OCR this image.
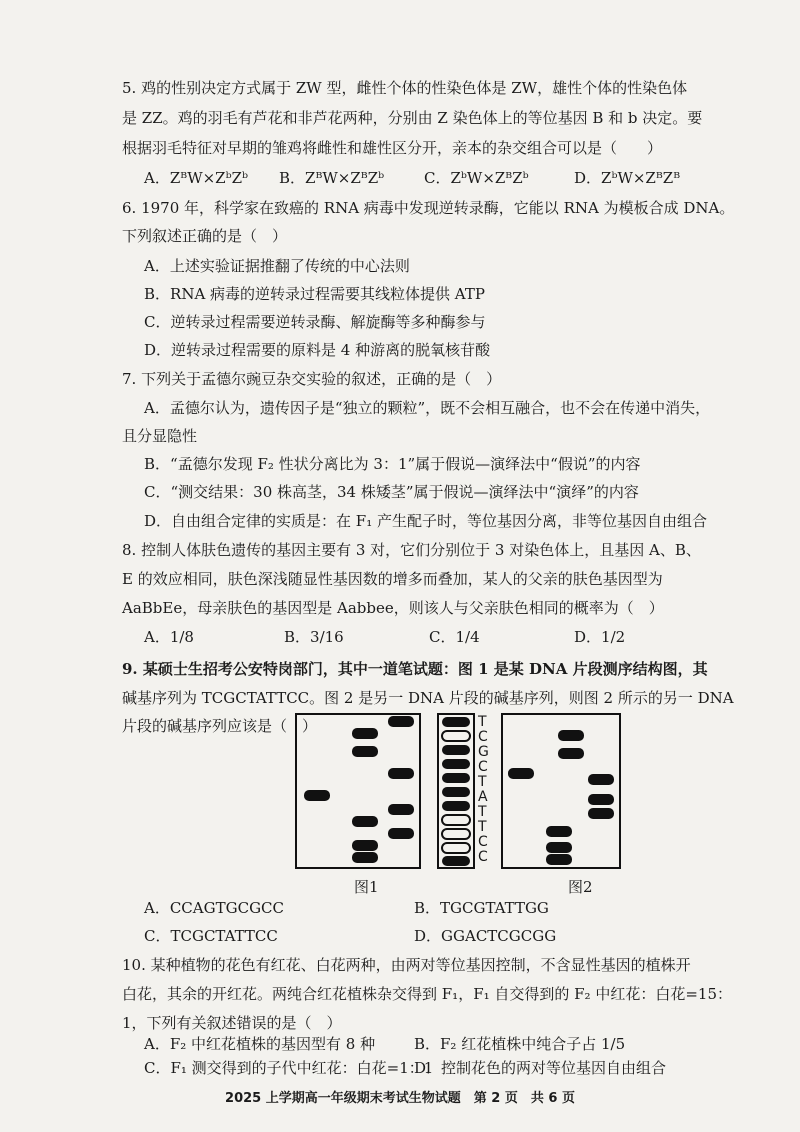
5. 鸡的性别决定方式属于 ZW 型，雌性个体的性染色体是 ZW，雄性个体的性染色体
是 ZZ。鸡的羽毛有芦花和非芦花两种，分别由 Z 染色体上的等位基因 B 和 b 决定。要
根据羽毛特征对早期的雏鸡将雌性和雄性区分开，亲本的杂交组合可以是（　　）
A．ZᴮW×ZᵇZᵇ B．ZᴮW×ZᴮZᵇ	C．ZᵇW×ZᴮZᵇ	D．ZᵇW×ZᴮZᴮ
6. 1970 年，科学家在致癌的 RNA 病毒中发现逆转录酶，它能以 RNA 为模板合成 DNA。
下列叙述正确的是（　）
A．上述实验证据推翻了传统的中心法则
B．RNA 病毒的逆转录过程需要其线粒体提供 ATP
C．逆转录过程需要逆转录酶、解旋酶等多种酶参与
D．逆转录过程需要的原料是 4 种游离的脱氧核苷酸
7. 下列关于孟德尔豌豆杂交实验的叙述，正确的是（　）
A．孟德尔认为，遗传因子是“独立的颗粒”，既不会相互融合，也不会在传递中消失，
且分显隐性
B．“孟德尔发现 F₂ 性状分离比为 3：1”属于假说—演绎法中“假说”的内容
C．“测交结果：30 株高茎，34 株矮茎”属于假说—演绎法中“演绎”的内容
D．自由组合定律的实质是：在 F₁ 产生配子时，等位基因分离，非等位基因自由组合
8. 控制人体肤色遗传的基因主要有 3 对，它们分别位于 3 对染色体上，且基因 A、B、
E 的效应相同，肤色深浅随显性基因数的增多而叠加，某人的父亲的肤色基因型为
AaBbEe，母亲肤色的基因型是 Aabbee，则该人与父亲肤色相同的概率为（　）
A．1/8	B．3/16	C．1/4	D．1/2
9. 某硕士生招考公安特岗部门，其中一道笔试题：图 1 是某 DNA 片段测序结构图，其
碱基序列为 TCGCTATTCC。图 2 是另一 DNA 片段的碱基序列，则图 2 所示的另一 DNA
片段的碱基序列应该是（　）	T
C
G
C
T
A
T
T
C
C
图1	图2
A．CCAGTGCGCC	B．TGCGTATTGG
C．TCGCTATTCC	D．GGACTCGCGG
10. 某种植物的花色有红花、白花两种，由两对等位基因控制，不含显性基因的植株开
白花，其余的开红花。两纯合红花植株杂交得到 F₁，F₁ 自交得到的 F₂ 中红花：白花=15：
1，下列有关叙述错误的是（　）
A．F₂ 中红花植株的基因型有 8 种	B．F₂ 红花植株中纯合子占 1/5
C．F₁ 测交得到的子代中红花：白花=1：1
D．控制花色的两对等位基因自由组合
2025 上学期高一年级期末考试生物试题　第 2 页　共 6 页
